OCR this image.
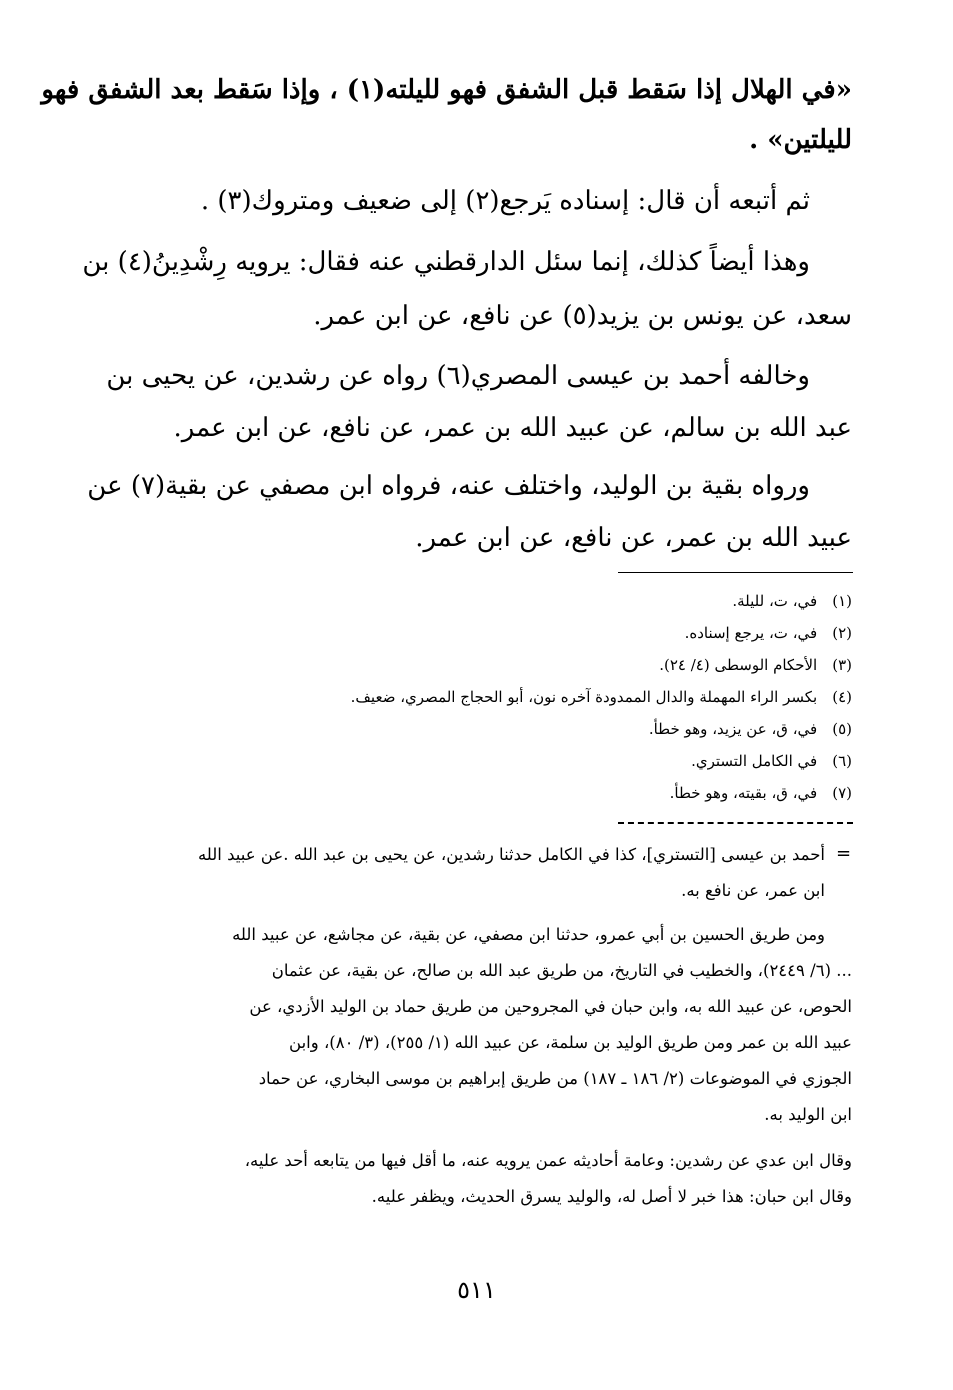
«في الهلال إذا سَقط قبل الشفق فهو لليلته(١) ، وإذا سَقط بعد الشفق فهو
لليلتين» .
ثم أتبعه أن قال: إسناده يَرجع(٢) إلى ضعيف ومتروك(٣) .
وهذا أيضاً كذلك، إنما سئل الدارقطني عنه فقال: يرويه رِشْدِينُ(٤) بن
سعد، عن يونس بن يزيد(٥) عن نافع، عن ابن عمر.
وخالفه أحمد بن عيسى المصري(٦) رواه عن رشدين، عن يحيى بن
عبد الله بن سالم، عن عبيد الله بن عمر، عن نافع، عن ابن عمر.
ورواه بقية بن الوليد، واختلف عنه، فرواه ابن مصفي عن بقية(٧) عن
عبيد الله بن عمر، عن نافع، عن ابن عمر.
(١) في، ت، لليلة.
(٢) في، ت، يرجع إسناده.
(٣) الأحكام الوسطى (٤/ ٢٤).
(٤) بكسر الراء المهملة والدال الممدودة آخره نون، أبو الحجاج المصري، ضعيف.
(٥) في، ق، عن يزيد، وهو خطأ.
(٦) في الكامل التستري.
(٧) في، ق، بقيته، وهو خطأ.
=
أحمد بن عيسى [التستري]، كذا في الكامل حدثنا رشدين، عن يحيى بن عبد الله .عن عبيد الله
ابن عمر، عن نافع به.
ومن طريق الحسين بن أبي عمرو، حدثنا ابن مصفي، عن بقية، عن مجاشع، عن عبيد الله
... (٦/ ٢٤٤٩)، والخطيب في التاريخ، من طريق عبد الله بن صالح، عن بقية، عن عثمان
الحوص، عن عبيد الله به، وابن حبان في المجروحين من طريق حماد بن الوليد الأزدي، عن
عبيد الله بن عمر ومن طريق الوليد بن سلمة، عن عبيد الله (١/ ٢٥٥)، (٣/ ٨٠)، وابن
الجوزي في الموضوعات (٢/ ١٨٦ ـ ١٨٧) من طريق إبراهيم بن موسى البخاري، عن حماد
ابن الوليد به.
وقال ابن عدي عن رشدين: وعامة أحاديثه عمن يرويه عنه، ما أقل فيها من يتابعه أحد عليه،
وقال ابن حبان: هذا خبر لا أصل له، والوليد يسرق الحديث، ويظفر عليه.
٥١١
